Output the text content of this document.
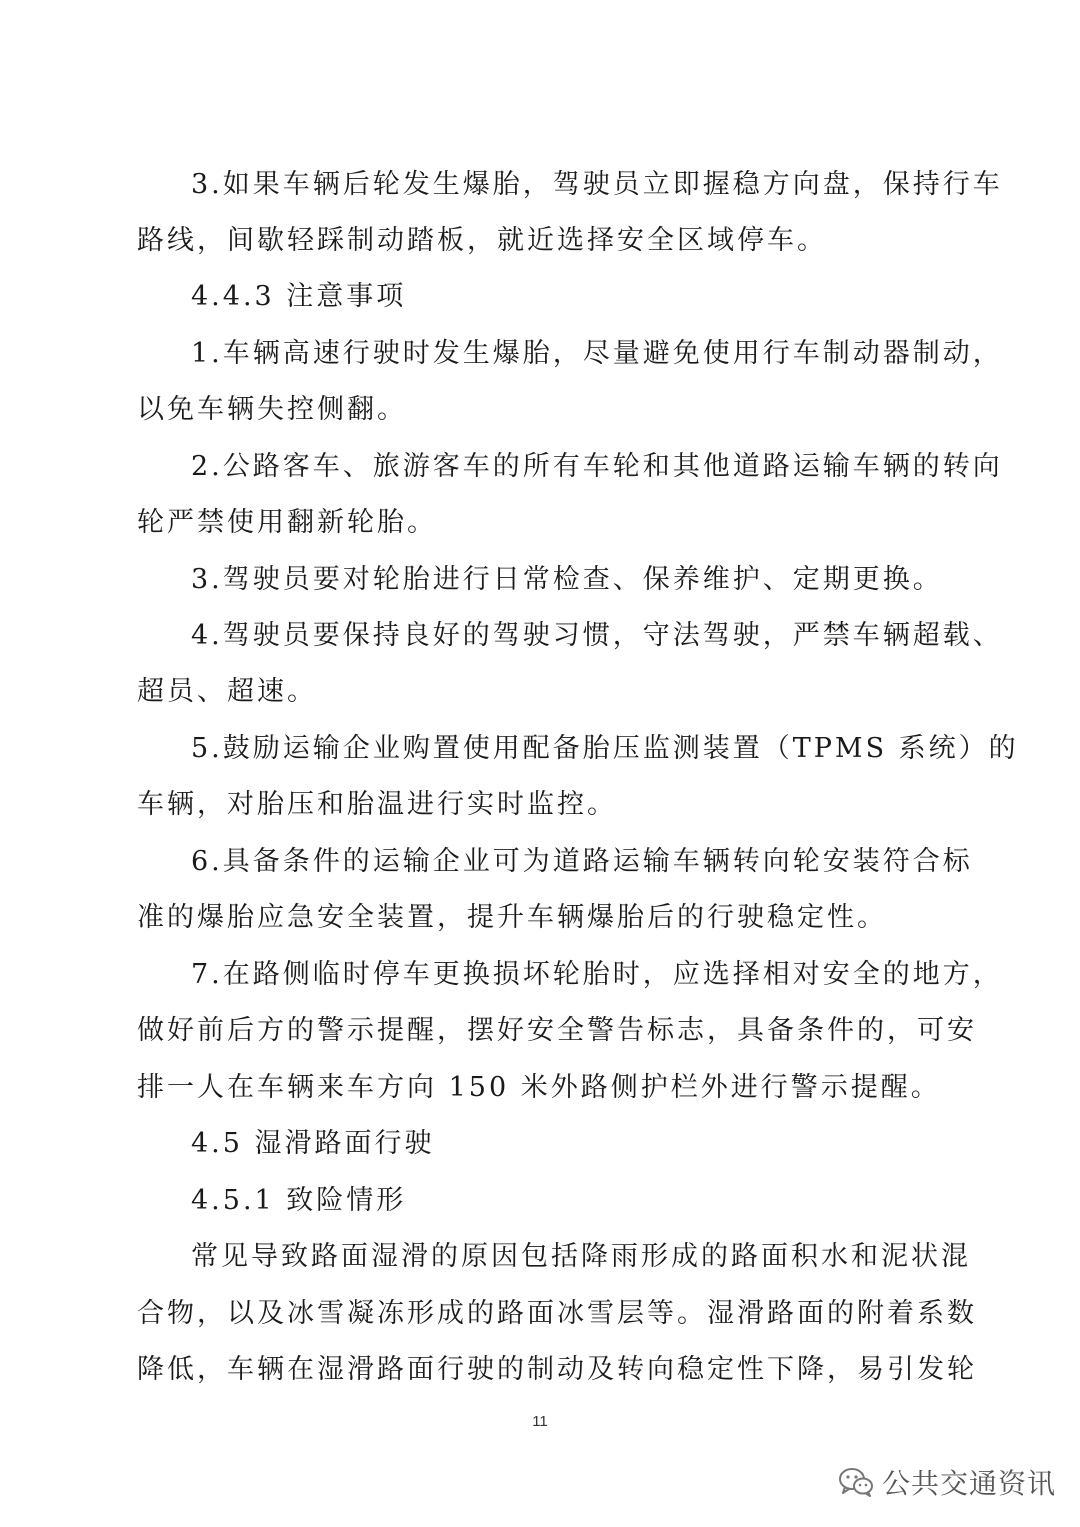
3.如果车辆后轮发生爆胎，驾驶员立即握稳方向盘，保持行车
路线，间歇轻踩制动踏板，就近选择安全区域停车。
4.4.3 注意事项
1.车辆高速行驶时发生爆胎，尽量避免使用行车制动器制动，
以免车辆失控侧翻。
2.公路客车、旅游客车的所有车轮和其他道路运输车辆的转向
轮严禁使用翻新轮胎。
3.驾驶员要对轮胎进行日常检查、保养维护、定期更换。
4.驾驶员要保持良好的驾驶习惯，守法驾驶，严禁车辆超载、
超员、超速。
5.鼓励运输企业购置使用配备胎压监测装置（TPMS 系统）的
车辆，对胎压和胎温进行实时监控。
6.具备条件的运输企业可为道路运输车辆转向轮安装符合标
准的爆胎应急安全装置，提升车辆爆胎后的行驶稳定性。
7.在路侧临时停车更换损坏轮胎时，应选择相对安全的地方，
做好前后方的警示提醒，摆好安全警告标志，具备条件的，可安
排一人在车辆来车方向 150 米外路侧护栏外进行警示提醒。
4.5 湿滑路面行驶
4.5.1 致险情形
常见导致路面湿滑的原因包括降雨形成的路面积水和泥状混
合物，以及冰雪凝冻形成的路面冰雪层等。湿滑路面的附着系数
降低，车辆在湿滑路面行驶的制动及转向稳定性下降，易引发轮
11
公共交通资讯
